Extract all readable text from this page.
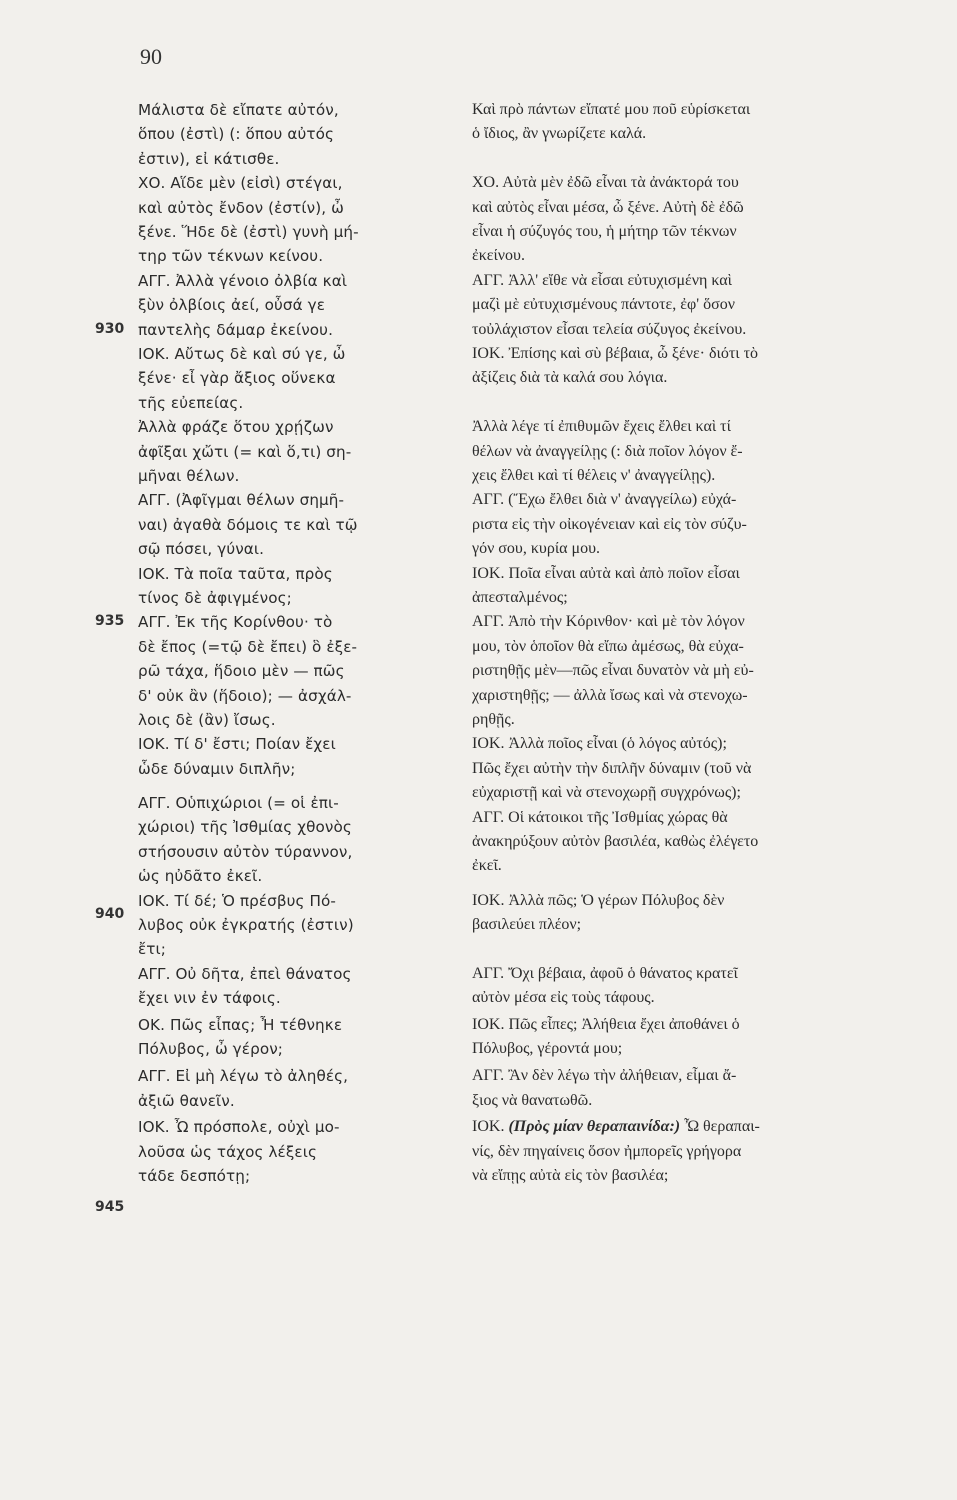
90
930
935
940
945
Μάλιστα δὲ εἴπατε αὐτόν,
ὅπου (ἐστὶ) (: ὅπου αὐτός
ἐστιν), εἰ κάτισθε.
ΧΟ. Αἵδε μὲν (εἰσὶ) στέγαι,
καὶ αὐτὸς ἔνδον (ἐστίν), ὦ
ξένε. Ἥδε δὲ (ἐστὶ) γυνὴ μή-
τηρ τῶν τέκνων κείνου.
ΑΓΓ. Ἀλλὰ γένοιο ὀλβία καὶ
ξὺν ὀλβίοις ἀεί, οὖσά γε
παντελὴς δάμαρ ἐκείνου.
ΙΟΚ. Αὔτως δὲ καὶ σύ γε, ὦ
ξένε· εἶ γὰρ ἄξιος οὕνεκα
τῆς εὐεπείας.
Ἀλλὰ φράζε ὅτου χρῄζων
ἀφῖξαι χὤτι (= καὶ ὅ,τι) ση-
μῆναι θέλων.
ΑΓΓ. (Ἀφῖγμαι θέλων σημῆ-
ναι) ἀγαθὰ δόμοις τε καὶ τῷ
σῷ πόσει, γύναι.
ΙΟΚ. Τὰ ποῖα ταῦτα, πρὸς
τίνος δὲ ἀφιγμένος;
ΑΓΓ. Ἐκ τῆς Κορίνθου· τὸ
δὲ ἔπος (=τῷ δὲ ἔπει) ὃ ἐξε-
ρῶ τάχα, ἥδοιο μὲν — πῶς
δ' οὐκ ἂν (ἥδοιο); — ἀσχάλ-
λοις δὲ (ἂν) ἴσως.
ΙΟΚ. Τί δ' ἔστι; Ποίαν ἔχει
ὧδε δύναμιν διπλῆν;
ΑΓΓ. Οὑπιχώριοι (= οἱ ἐπι-
χώριοι) τῆς Ἰσθμίας χθονὸς
στήσουσιν αὐτὸν τύραννον,
ὡς ηὐδᾶτο ἐκεῖ.
ΙΟΚ. Τί δέ; Ὁ πρέσβυς Πό-
λυβος οὐκ ἐγκρατής (ἐστιν)
ἔτι;
ΑΓΓ. Οὐ δῆτα, ἐπεὶ θάνατος
ἔχει νιν ἐν τάφοις.
ΟΚ. Πῶς εἶπας; Ἦ τέθνηκε
Πόλυβος, ὦ γέρον;
ΑΓΓ. Εἰ μὴ λέγω τὸ ἀληθές,
ἀξιῶ θανεῖν.
ΙΟΚ. Ὦ πρόσπολε, οὐχὶ μο-
λοῦσα ὡς τάχος λέξεις
τάδε δεσπότῃ;
Καὶ πρὸ πάντων εἴπατέ μου ποῦ εὑρίσκεται
ὁ ἴδιος, ἂν γνωρίζετε καλά.
ΧΟ. Αὐτὰ μὲν ἐδῶ εἶναι τὰ ἀνάκτορά του
καὶ αὐτὸς εἶναι μέσα, ὦ ξένε. Αὐτὴ δὲ ἐδῶ
εἶναι ἡ σύζυγός του, ἡ μήτηρ τῶν τέκνων
ἐκείνου.
ΑΓΓ. Ἀλλ' εἴθε νὰ εἶσαι εὐτυχισμένη καὶ
μαζὶ μὲ εὐτυχισμένους πάντοτε, ἐφ' ὅσον
τοὐλάχιστον εἶσαι τελεία σύζυγος ἐκείνου.
ΙΟΚ. Ἐπίσης καὶ σὺ βέβαια, ὦ ξένε· διότι τὸ
ἀξίζεις διὰ τὰ καλά σου λόγια.
Ἀλλὰ λέγε τί ἐπιθυμῶν ἔχεις ἔλθει καὶ τί
θέλων νὰ ἀναγγείλῃς (: διὰ ποῖον λόγον ἔ-
χεις ἔλθει καὶ τί θέλεις ν' ἀναγγείλῃς).
ΑΓΓ. (Ἔχω ἔλθει διὰ ν' ἀναγγείλω) εὐχά-
ριστα εἰς τὴν οἰκογένειαν καὶ εἰς τὸν σύζυ-
γόν σου, κυρία μου.
ΙΟΚ. Ποῖα εἶναι αὐτὰ καὶ ἀπὸ ποῖον εἶσαι
ἀπεσταλμένος;
ΑΓΓ. Ἀπὸ τὴν Κόρινθον· καὶ μὲ τὸν λόγον
μου, τὸν ὁποῖον θὰ εἴπω ἀμέσως, θὰ εὐχα-
ριστηθῇς μὲν—πῶς εἶναι δυνατὸν νὰ μὴ εὐ-
χαριστηθῇς; — ἀλλὰ ἴσως καὶ νὰ στενοχω-
ρηθῇς.
ΙΟΚ. Ἀλλὰ ποῖος εἶναι (ὁ λόγος αὐτός);
Πῶς ἔχει αὐτὴν τὴν διπλῆν δύναμιν (τοῦ νὰ
εὐχαριστῇ καὶ νὰ στενοχωρῇ συγχρόνως);
ΑΓΓ. Οἱ κάτοικοι τῆς Ἰσθμίας χώρας θὰ
ἀνακηρύξουν αὐτὸν βασιλέα, καθὼς ἐλέγετο
ἐκεῖ.
ΙΟΚ. Ἀλλὰ πῶς; Ὁ γέρων Πόλυβος δὲν
βασιλεύει πλέον;
ΑΓΓ. Ὄχι βέβαια, ἀφοῦ ὁ θάνατος κρατεῖ
αὐτὸν μέσα εἰς τοὺς τάφους.
ΙΟΚ. Πῶς εἶπες; Ἀλήθεια ἔχει ἀποθάνει ὁ
Πόλυβος, γέροντά μου;
ΑΓΓ. Ἂν δὲν λέγω τὴν ἀλήθειαν, εἶμαι ἄ-
ξιος νὰ θανατωθῶ.
ΙΟΚ. (Πρὸς μίαν θεραπαινίδα:) Ὦ θεραπαι-
νίς, δὲν πηγαίνεις ὅσον ἠμπορεῖς γρήγορα
νὰ εἴπῃς αὐτὰ εἰς τὸν βασιλέα;
